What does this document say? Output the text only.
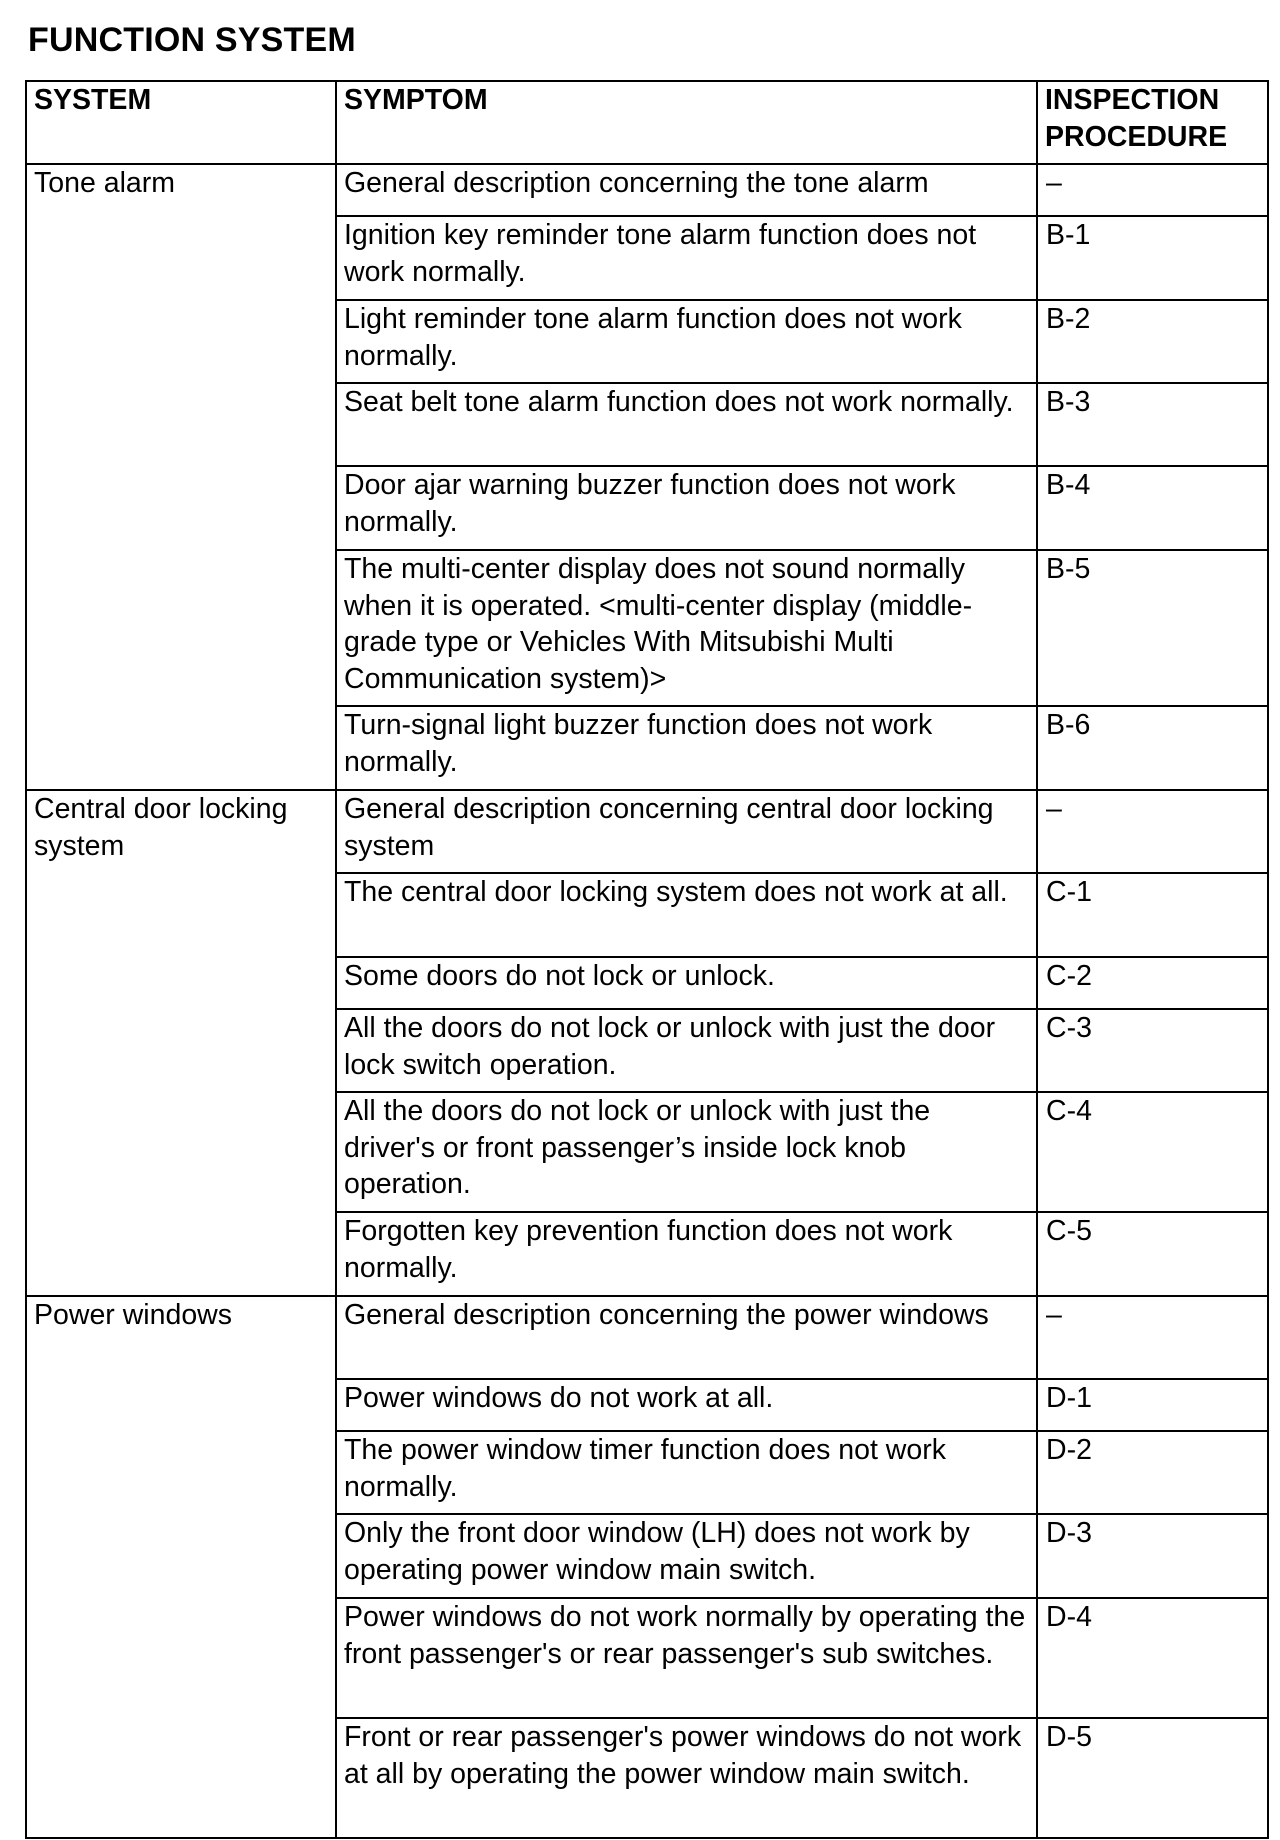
FUNCTION SYSTEM
SYSTEM	SYMPTOM	INSPECTION PROCEDURE
Tone alarm	General description concerning the tone alarm	–
	Ignition key reminder tone alarm function does not work normally.	B-1
	Light reminder tone alarm function does not work normally.	B-2
	Seat belt tone alarm function does not work normally.	B-3
	Door ajar warning buzzer function does not work normally.	B-4
	The multi-center display does not sound normally when it is operated. <multi-center display (middle-grade type or Vehicles With Mitsubishi Multi Communication system)>	B-5
	Turn-signal light buzzer function does not work normally.	B-6
Central door locking system	General description concerning central door locking system	–
	The central door locking system does not work at all.	C-1
	Some doors do not lock or unlock.	C-2
	All the doors do not lock or unlock with just the door lock switch operation.	C-3
	All the doors do not lock or unlock with just the driver's or front passenger’s inside lock knob operation.	C-4
	Forgotten key prevention function does not work normally.	C-5
Power windows	General description concerning the power windows	–
	Power windows do not work at all.	D-1
	The power window timer function does not work normally.	D-2
	Only the front door window (LH) does not work by operating power window main switch.	D-3
	Power windows do not work normally by operating the front passenger's or rear passenger's sub switches.	D-4
	Front or rear passenger's power windows do not work at all by operating the power window main switch.	D-5
